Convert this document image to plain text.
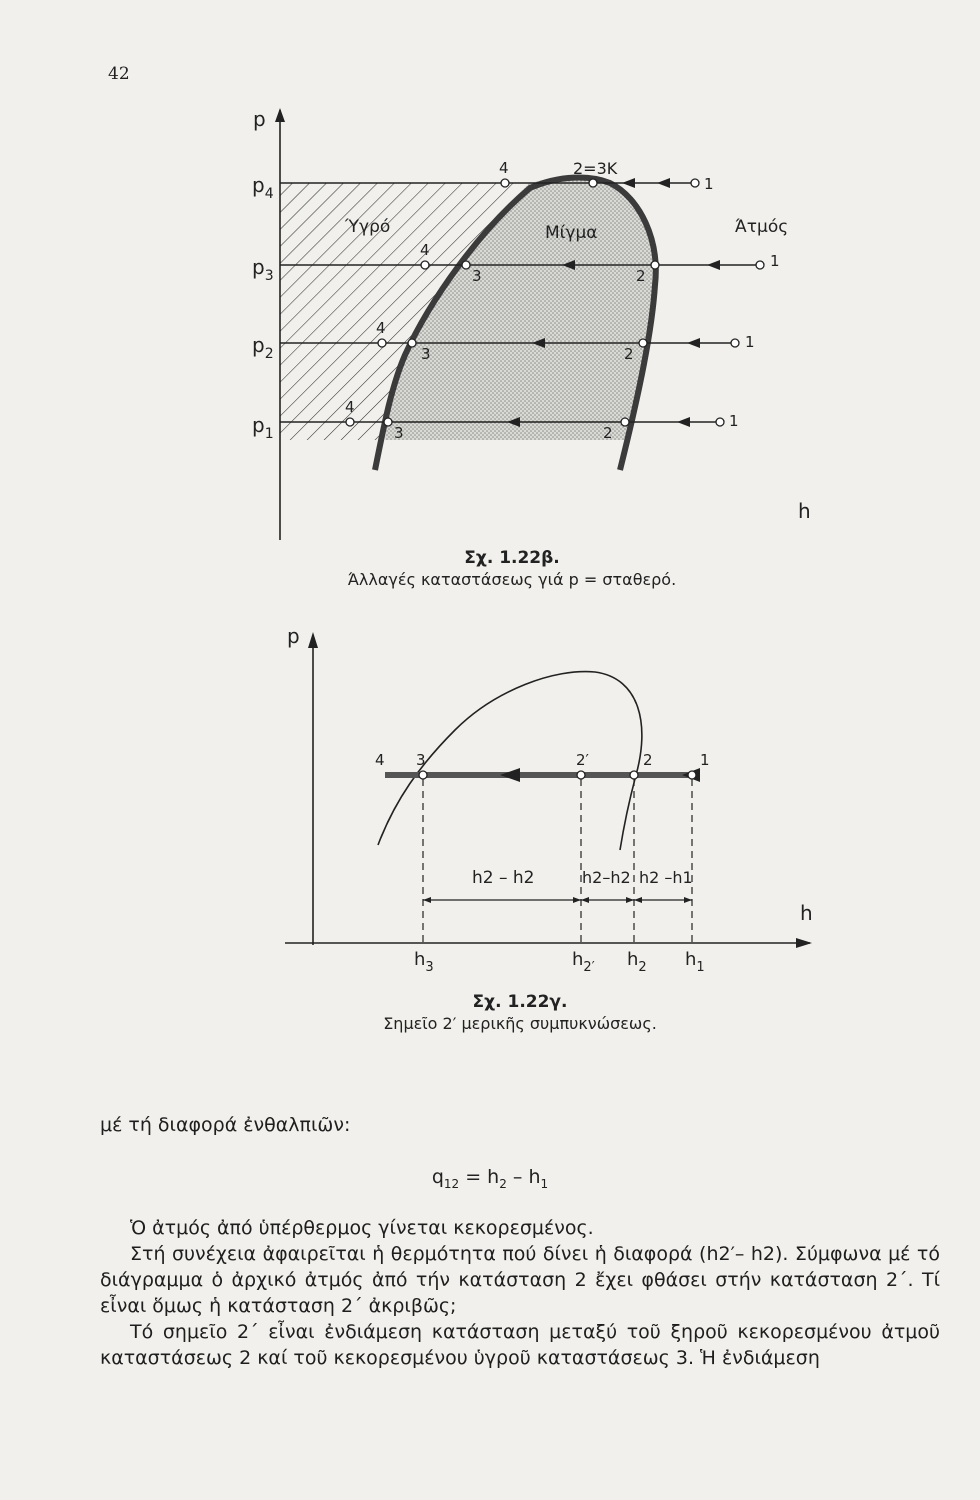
42
p
h
$p_4$
$p_3$
$p_2$
$p_1$
Ύγρό	Μίγμα	Άτμός
2=3Κ
4
1
4
3	2
1
4
3	2
1
4
3	2
1
Σχ. 1.22β.
Άλλαγές καταστάσεως γιά p = σταθερό.
p
h
4 3	2′	2	1
h2 – h2	h2–h2 h2 –h1
$h_3$	$h_{2'}$ $h_2$ $h_1$
Σχ. 1.22γ.
Σημεῖο 2′ μερικῆς συμπυκνώσεως.

μέ τή διαφορά ἐνθαλπιῶν:

$q_{12} = h_2 - h_1$

Ὁ ἀτμός ἀπό ὑπέρθερμος γίνεται κεκορεσμένος.

Στή συνέχεια ἀφαιρεῖται ἡ θερμότητα πού δίνει ἡ διαφορά (h2′– h2). Σύμφωνα μέ τό διάγραμμα ὁ ἀρχικό ἀτμός ἀπό τήν κατάσταση 2 ἔχει φθάσει στήν κατάσταση 2΄. Τί εἶναι ὅμως ἡ κατάσταση 2΄ ἀκριβῶς;

Τό σημεῖο 2΄ εἶναι ἐνδιάμεση κατάσταση μεταξύ τοῦ ξηροῦ κεκορεσμένου ἀτμοῦ καταστάσεως 2 καί τοῦ κεκορεσμένου ὑγροῦ καταστάσεως 3. Ἡ ἐνδιάμεση
